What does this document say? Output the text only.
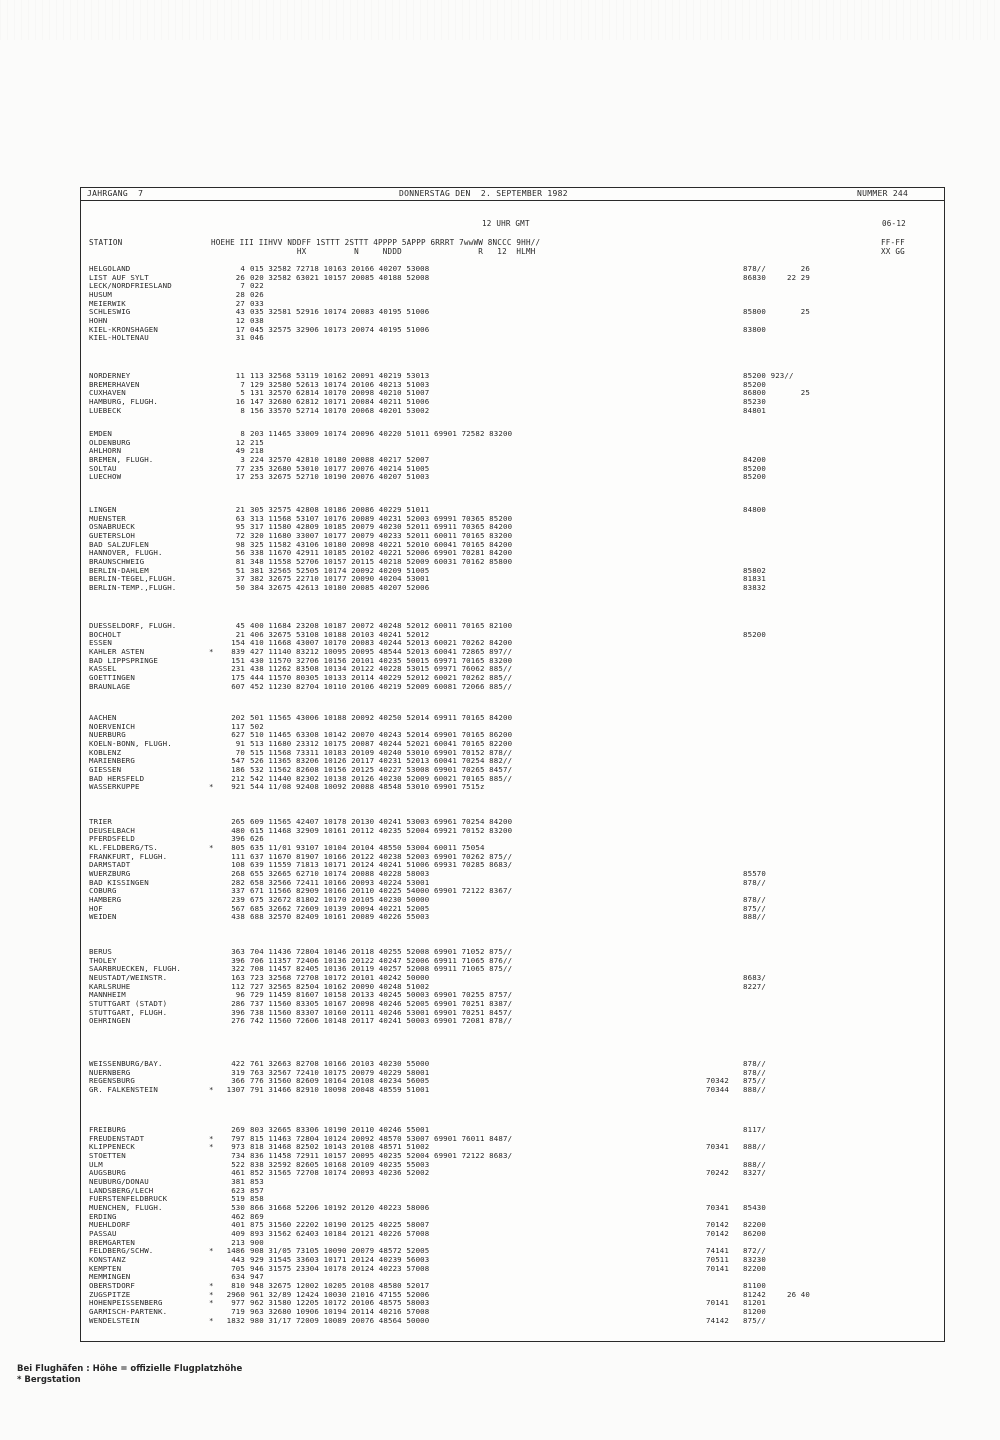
JAHRGANG  7	DONNERSTAG DEN  2. SEPTEMBER 1982	NUMMER 244
12 UHR GMT	06-12
STATION	HOEHE III IIHVV NDDFF 1STTT 2STTT 4PPPP 5APPP 6RRRT 7wwWW 8NCCC 9HH//
HX          N     NDDD                R   12  HLMH
FF-FF
XX GG
HELGOLAND	4 015 32582 72718 10163 20166 40207 53008	878//	26
LIST AUF SYLT	26 020 32582 63021 10157 20085 40188 52008	86830	22 29
LECK/NORDFRIESLAND	7 022
HUSUM	28 026
MEIERWIK	27 033
SCHLESWIG	43 035 32581 52916 10174 20083 40195 51006	85800	25
HOHN	12 038
KIEL-KRONSHAGEN	17 045 32575 32906 10173 20074 40195 51006	83800
KIEL-HOLTENAU	31 046
NORDERNEY	11 113 32568 53119 10162 20091 40219 53013	85200 923//
BREMERHAVEN	7 129 32580 52613 10174 20106 40213 51003	85200
CUXHAVEN	5 131 32570 62814 10170 20098 40210 51007	86800	25
HAMBURG, FLUGH.	16 147 32680 62812 10171 20084 40211 51006	85230
LUEBECK	8 156 33570 52714 10170 20068 40201 53002	84801
EMDEN	8 203 11465 33009 10174 20096 40220 51011 69901 72582 83200
OLDENBURG	12 215
AHLHORN	49 218
BREMEN, FLUGH.	3 224 32570 42810 10180 20088 40217 52007	84200
SOLTAU	77 235 32680 53010 10177 20076 40214 51005	85200
LUECHOW	17 253 32675 52710 10190 20076 40207 51003	85200
LINGEN	21 305 32575 42808 10186 20086 40229 51011	84800
MUENSTER	63 313 11568 53107 10176 20089 40231 52003 69991 70365 85200
OSNABRUECK	95 317 11580 42809 10185 20079 40230 52011 69911 70365 84200
GUETERSLOH	72 320 11680 33007 10177 20079 40233 52011 60011 70165 83200
BAD SALZUFLEN	98 325 11582 43106 10180 20098 40221 52010 60041 70165 84200
HANNOVER, FLUGH.	56 338 11670 42911 10185 20102 40221 52006 69901 70281 84200
BRAUNSCHWEIG	81 348 11558 52706 10157 20115 40218 52009 60031 70162 85800
BERLIN-DAHLEM	51 381 32565 52505 10174 20092 40209 51005	85802
BERLIN-TEGEL,FLUGH.	37 382 32675 22710 10177 20090 40204 53001	81831
BERLIN-TEMP.,FLUGH.	50 384 32675 42613 10180 20085 40207 52006	83832
DUESSELDORF, FLUGH.	45 400 11684 23208 10187 20072 40248 52012 60011 70165 82100
BOCHOLT	21 406 32675 53108 10188 20103 40241 52012	85200
ESSEN	154 410 11668 43007 10170 20083 40244 52013 60021 70262 84200
KAHLER ASTEN	*	839 427 11140 83212 10095 20095 48544 52013 60041 72865 897//
BAD LIPPSPRINGE	151 430 11570 32706 10156 20101 40235 50015 69971 70165 83200
KASSEL	231 438 11262 83508 10134 20122 40228 53015 69971 76062 885//
GOETTINGEN	175 444 11570 80305 10133 20114 40229 52012 60021 70262 885//
BRAUNLAGE	607 452 11230 82704 10110 20106 40219 52009 60081 72066 885//
AACHEN	202 501 11565 43006 10188 20092 40250 52014 69911 70165 84200
NOERVENICH	117 502
NUERBURG	627 510 11465 63308 10142 20070 40243 52014 69901 70165 86200
KOELN-BONN, FLUGH.	91 513 11680 23312 10175 20087 40244 52021 60041 70165 82200
KOBLENZ	70 515 11568 73311 10183 20109 40240 53010 69901 70152 878//
MARIENBERG	547 526 11365 83206 10126 20117 40231 52013 60041 70254 882//
GIESSEN	186 532 11562 82608 10156 20125 40227 53008 69901 70265 8457/
BAD HERSFELD	212 542 11440 82302 10138 20126 40230 52009 60021 70165 885//
WASSERKUPPE	*	921 544 11/08 92408 10092 20088 48548 53010 69901 7515z
TRIER	265 609 11565 42407 10178 20130 40241 53003 69961 70254 84200
DEUSELBACH	480 615 11468 32909 10161 20112 40235 52004 69921 70152 83200
PFERDSFELD	396 626
KL.FELDBERG/TS.	*	805 635 11/01 93107 10104 20104 48550 53004 60011 75054
FRANKFURT, FLUGH.	111 637 11670 81907 10166 20122 40238 52003 69901 70262 875//
DARMSTADT	108 639 11559 71813 10171 20124 40241 51006 69931 70285 8683/
WUERZBURG	268 655 32665 62710 10174 20088 40228 58003	85570
BAD KISSINGEN	282 658 32566 72411 10166 20093 40224 53001	878//
COBURG	337 671 11566 82909 10166 20110 40225 54000 69901 72122 8367/
HAMBERG	239 675 32672 81802 10170 20105 40230 50000	878//
HOF	567 685 32662 72609 10139 20094 40221 52005	875//
WEIDEN	438 688 32570 82409 10161 20089 40226 55003	888//
BERUS	363 704 11436 72804 10146 20118 40255 52008 69901 71052 875//
THOLEY	396 706 11357 72406 10136 20122 40247 52006 69911 71065 876//
SAARBRUECKEN, FLUGH.	322 708 11457 82405 10136 20119 40257 52008 69911 71065 875//
NEUSTADT/WEINSTR.	163 723 32568 72708 10172 20101 40242 50000	8683/
KARLSRUHE	112 727 32565 82504 10162 20090 40248 51002	8227/
MANNHEIM	96 729 11459 81607 10158 20133 40245 50003 69901 70255 8757/
STUTTGART (STADT)	286 737 11560 83305 10167 20098 40246 52005 69901 70251 8387/
STUTTGART, FLUGH.	396 738 11560 83307 10160 20111 40246 53001 69901 70251 8457/
OEHRINGEN	276 742 11560 72606 10148 20117 40241 50003 69901 72081 878//
WEISSENBURG/BAY.	422 761 32663 82708 10166 20103 40230 55000	878//
NUERNBERG	319 763 32567 72410 10175 20079 40229 58001	878//
REGENSBURG	366 776 31560 82609 10164 20108 40234 56005	70342 875//
GR. FALKENSTEIN	*	1307 791 31466 82910 10098 20048 48559 51001	70344 888//
FREIBURG	269 803 32665 83306 10190 20110 40246 55001	8117/
FREUDENSTADT	*	797 815 11463 72804 10124 20092 48570 53007 69901 76011 8487/
KLIPPENECK	*	973 818 31468 82502 10143 20108 48571 51002	70341 888//
STOETTEN	734 836 11458 72911 10157 20095 40235 52004 69901 72122 8683/
ULM	522 838 32592 82605 10168 20109 40235 55003	888//
AUGSBURG	461 852 31565 72708 10174 20093 40236 52002	70242 8327/
NEUBURG/DONAU	381 853
LANDSBERG/LECH	623 857
FUERSTENFELDBRUCK	519 858
MUENCHEN, FLUGH.	530 866 31668 52206 10192 20120 40223 58006	70341 85430
ERDING	462 869
MUEHLDORF	401 875 31560 22202 10190 20125 40225 58007	70142 82200
PASSAU	409 893 31562 62403 10184 20121 40226 57008	70142 86200
BREMGARTEN	213 900
FELDBERG/SCHW.	*	1486 908 31/05 73105 10090 20079 48572 52005	74141 872//
KONSTANZ	443 929 31545 33603 10171 20124 40239 56003	70511 83230
KEMPTEN	705 946 31575 23304 10178 20124 40223 57008	70141 82200
MEMMINGEN	634 947
OBERSTDORF	*	810 948 32675 12002 10205 20108 48580 52017	81100
ZUGSPITZE	*	2960 961 32/89 12424 10030 21016 47155 52006	81242	26 40
HOHENPEISSENBERG	*	977 962 31580 12205 10172 20106 48575 58003	70141 81201
GARMISCH-PARTENK.	719 963 32680 10906 10194 20114 40216 57008	81200
WENDELSTEIN	*	1832 980 31/17 72009 10089 20076 48564 50000	74142 875//
Bei Flughäfen : Höhe = offizielle Flugplatzhöhe
* Bergstation
